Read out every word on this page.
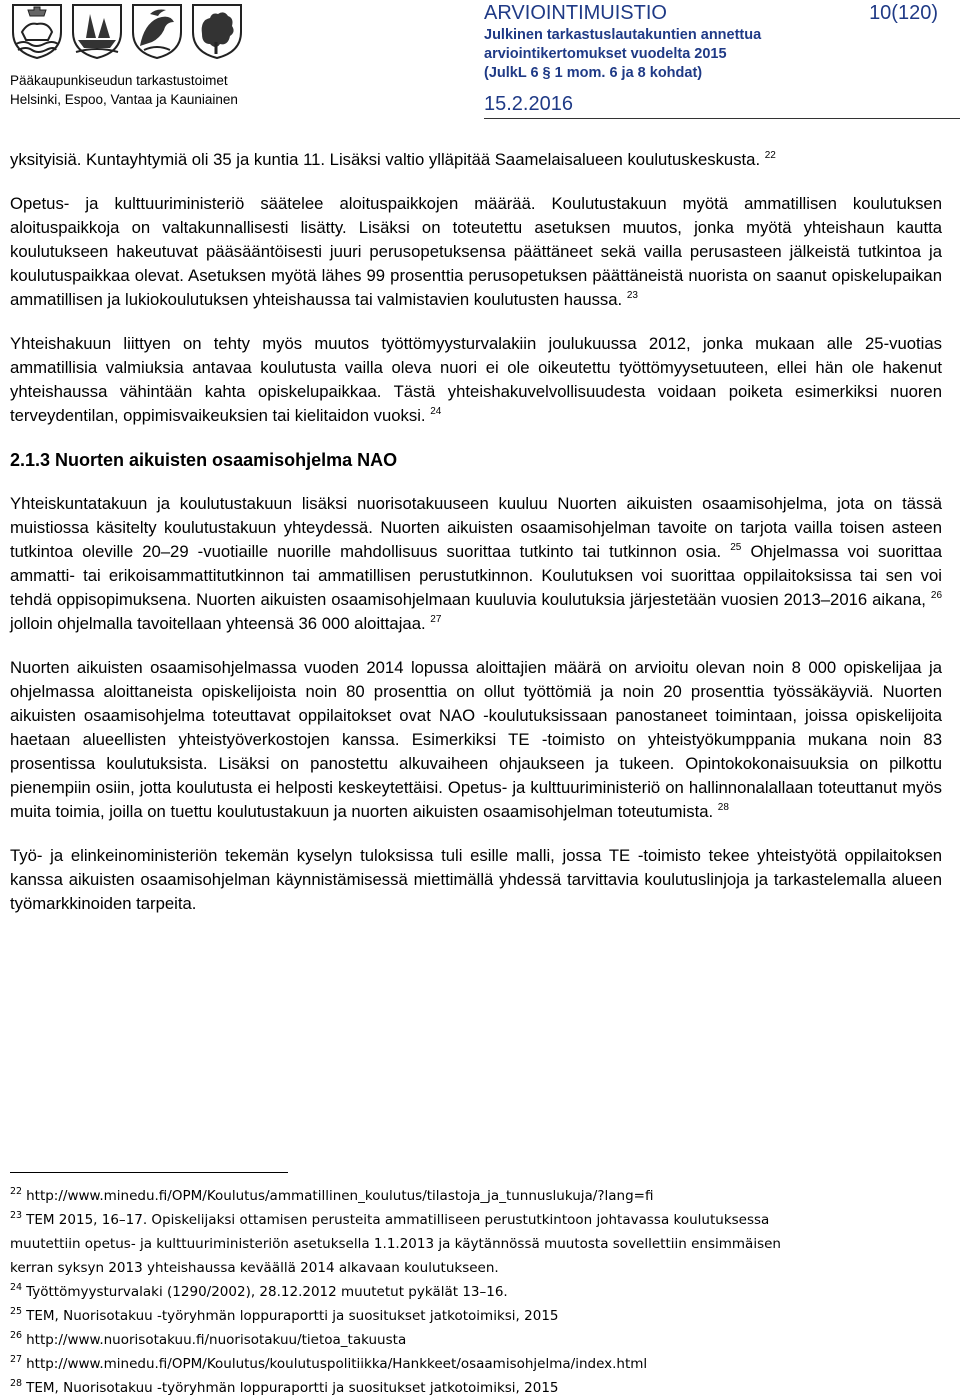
Pääkaupunkiseudun tarkastustoimet
Helsinki, Espoo, Vantaa ja Kauniainen
ARVIOINTIMUISTIO	10(120)
Julkinen tarkastuslautakuntien annettua
arviointikertomukset vuodelta 2015
(JulkL 6 § 1 mom. 6 ja 8 kohdat)
15.2.2016

yksityisiä. Kuntayhtymiä oli 35 ja kuntia 11. Lisäksi valtio ylläpitää Saamelaisalueen koulutuskeskusta. $^{22}$

Opetus- ja kulttuuriministeriö säätelee aloituspaikkojen määrää. Koulutustakuun myötä ammatillisen koulutuksen aloituspaikkoja on valtakunnallisesti lisätty. Lisäksi on toteutettu asetuksen muutos, jonka myötä yhteishaun kautta koulutukseen hakeutuvat pääsääntöisesti juuri perusopetuksensa päättäneet sekä vailla perusasteen jälkeistä tutkintoa ja koulutuspaikkaa olevat. Asetuksen myötä lähes 99 prosenttia perusopetuksen päättäneistä nuorista on saanut opiskelupaikan ammatillisen ja lukiokoulutuksen yhteishaussa tai valmistavien koulutusten haussa. $^{23}$

Yhteishakuun liittyen on tehty myös muutos työttömyysturvalakiin joulukuussa 2012, jonka mukaan alle 25-vuotias ammatillisia valmiuksia antavaa koulutusta vailla oleva nuori ei ole oikeutettu työttömyysetuuteen, ellei hän ole hakenut yhteishaussa vähintään kahta opiskelupaikkaa. Tästä yhteishakuvelvollisuudesta voidaan poiketa esimerkiksi nuoren terveydentilan, oppimisvaikeuksien tai kielitaidon vuoksi. $^{24}$

2.1.3 Nuorten aikuisten osaamisohjelma NAO

Yhteiskuntatakuun ja koulutustakuun lisäksi nuorisotakuuseen kuuluu Nuorten aikuisten osaamisohjelma, jota on tässä muistiossa käsitelty koulutustakuun yhteydessä. Nuorten aikuisten osaamisohjelman tavoite on tarjota vailla toisen asteen tutkintoa oleville 20–29 -vuotiaille nuorille mahdollisuus suorittaa tutkinto tai tutkinnon osia. $^{25}$ Ohjelmassa voi suorittaa ammatti- tai erikoisammattitutkinnon tai ammatillisen perustutkinnon. Koulutuksen voi suorittaa oppilaitoksissa tai sen voi tehdä oppisopimuksena. Nuorten aikuisten osaamisohjelmaan kuuluvia koulutuksia järjestetään vuosien 2013–2016 aikana, $^{26}$ jolloin ohjelmalla tavoitellaan yhteensä 36 000 aloittajaa. $^{27}$

Nuorten aikuisten osaamisohjelmassa vuoden 2014 lopussa aloittajien määrä on arvioitu olevan noin 8 000 opiskelijaa ja ohjelmassa aloittaneista opiskelijoista noin 80 prosenttia on ollut työttömiä ja noin 20 prosenttia työssäkäyviä. Nuorten aikuisten osaamisohjelma toteuttavat oppilaitokset ovat NAO -koulutuksissaan panostaneet toimintaan, joissa opiskelijoita haetaan alueellisten yhteistyöverkostojen kanssa. Esimerkiksi TE -toimisto on yhteistyökumppania mukana noin 83 prosentissa koulutuksista. Lisäksi on panostettu alkuvaiheen ohjaukseen ja tukeen. Opintokokonaisuuksia on pilkottu pienempiin osiin, jotta koulutusta ei helposti keskeytettäisi. Opetus- ja kulttuuriministeriö on hallinnonalallaan toteuttanut myös muita toimia, joilla on tuettu koulutustakuun ja nuorten aikuisten osaamisohjelman toteutumista. $^{28}$

Työ- ja elinkeinoministeriön tekemän kyselyn tuloksissa tuli esille malli, jossa TE -toimisto tekee yhteistyötä oppilaitoksen kanssa aikuisten osaamisohjelman käynnistämisessä miettimällä yhdessä tarvittavia koulutuslinjoja ja tarkastelemalla alueen työmarkkinoiden tarpeita.

$^{22}$ http://www.minedu.fi/OPM/Koulutus/ammatillinen_koulutus/tilastoja_ja_tunnuslukuja/?lang=fi

$^{23}$ TEM 2015, 16–17. Opiskelijaksi ottamisen perusteita ammatilliseen perustutkintoon johtavassa koulutuksessa

muutettiin opetus- ja kulttuuriministeriön asetuksella 1.1.2013 ja käytännössä muutosta sovellettiin ensimmäisen

kerran syksyn 2013 yhteishaussa keväällä 2014 alkavaan koulutukseen.

$^{24}$ Työttömyysturvalaki (1290/2002), 28.12.2012 muutetut pykälät 13–16.

$^{25}$ TEM, Nuorisotakuu -työryhmän loppuraportti ja suositukset jatkotoimiksi, 2015

$^{26}$ http://www.nuorisotakuu.fi/nuorisotakuu/tietoa_takuusta

$^{27}$ http://www.minedu.fi/OPM/Koulutus/koulutuspolitiikka/Hankkeet/osaamisohjelma/index.html

$^{28}$ TEM, Nuorisotakuu -työryhmän loppuraportti ja suositukset jatkotoimiksi, 2015
